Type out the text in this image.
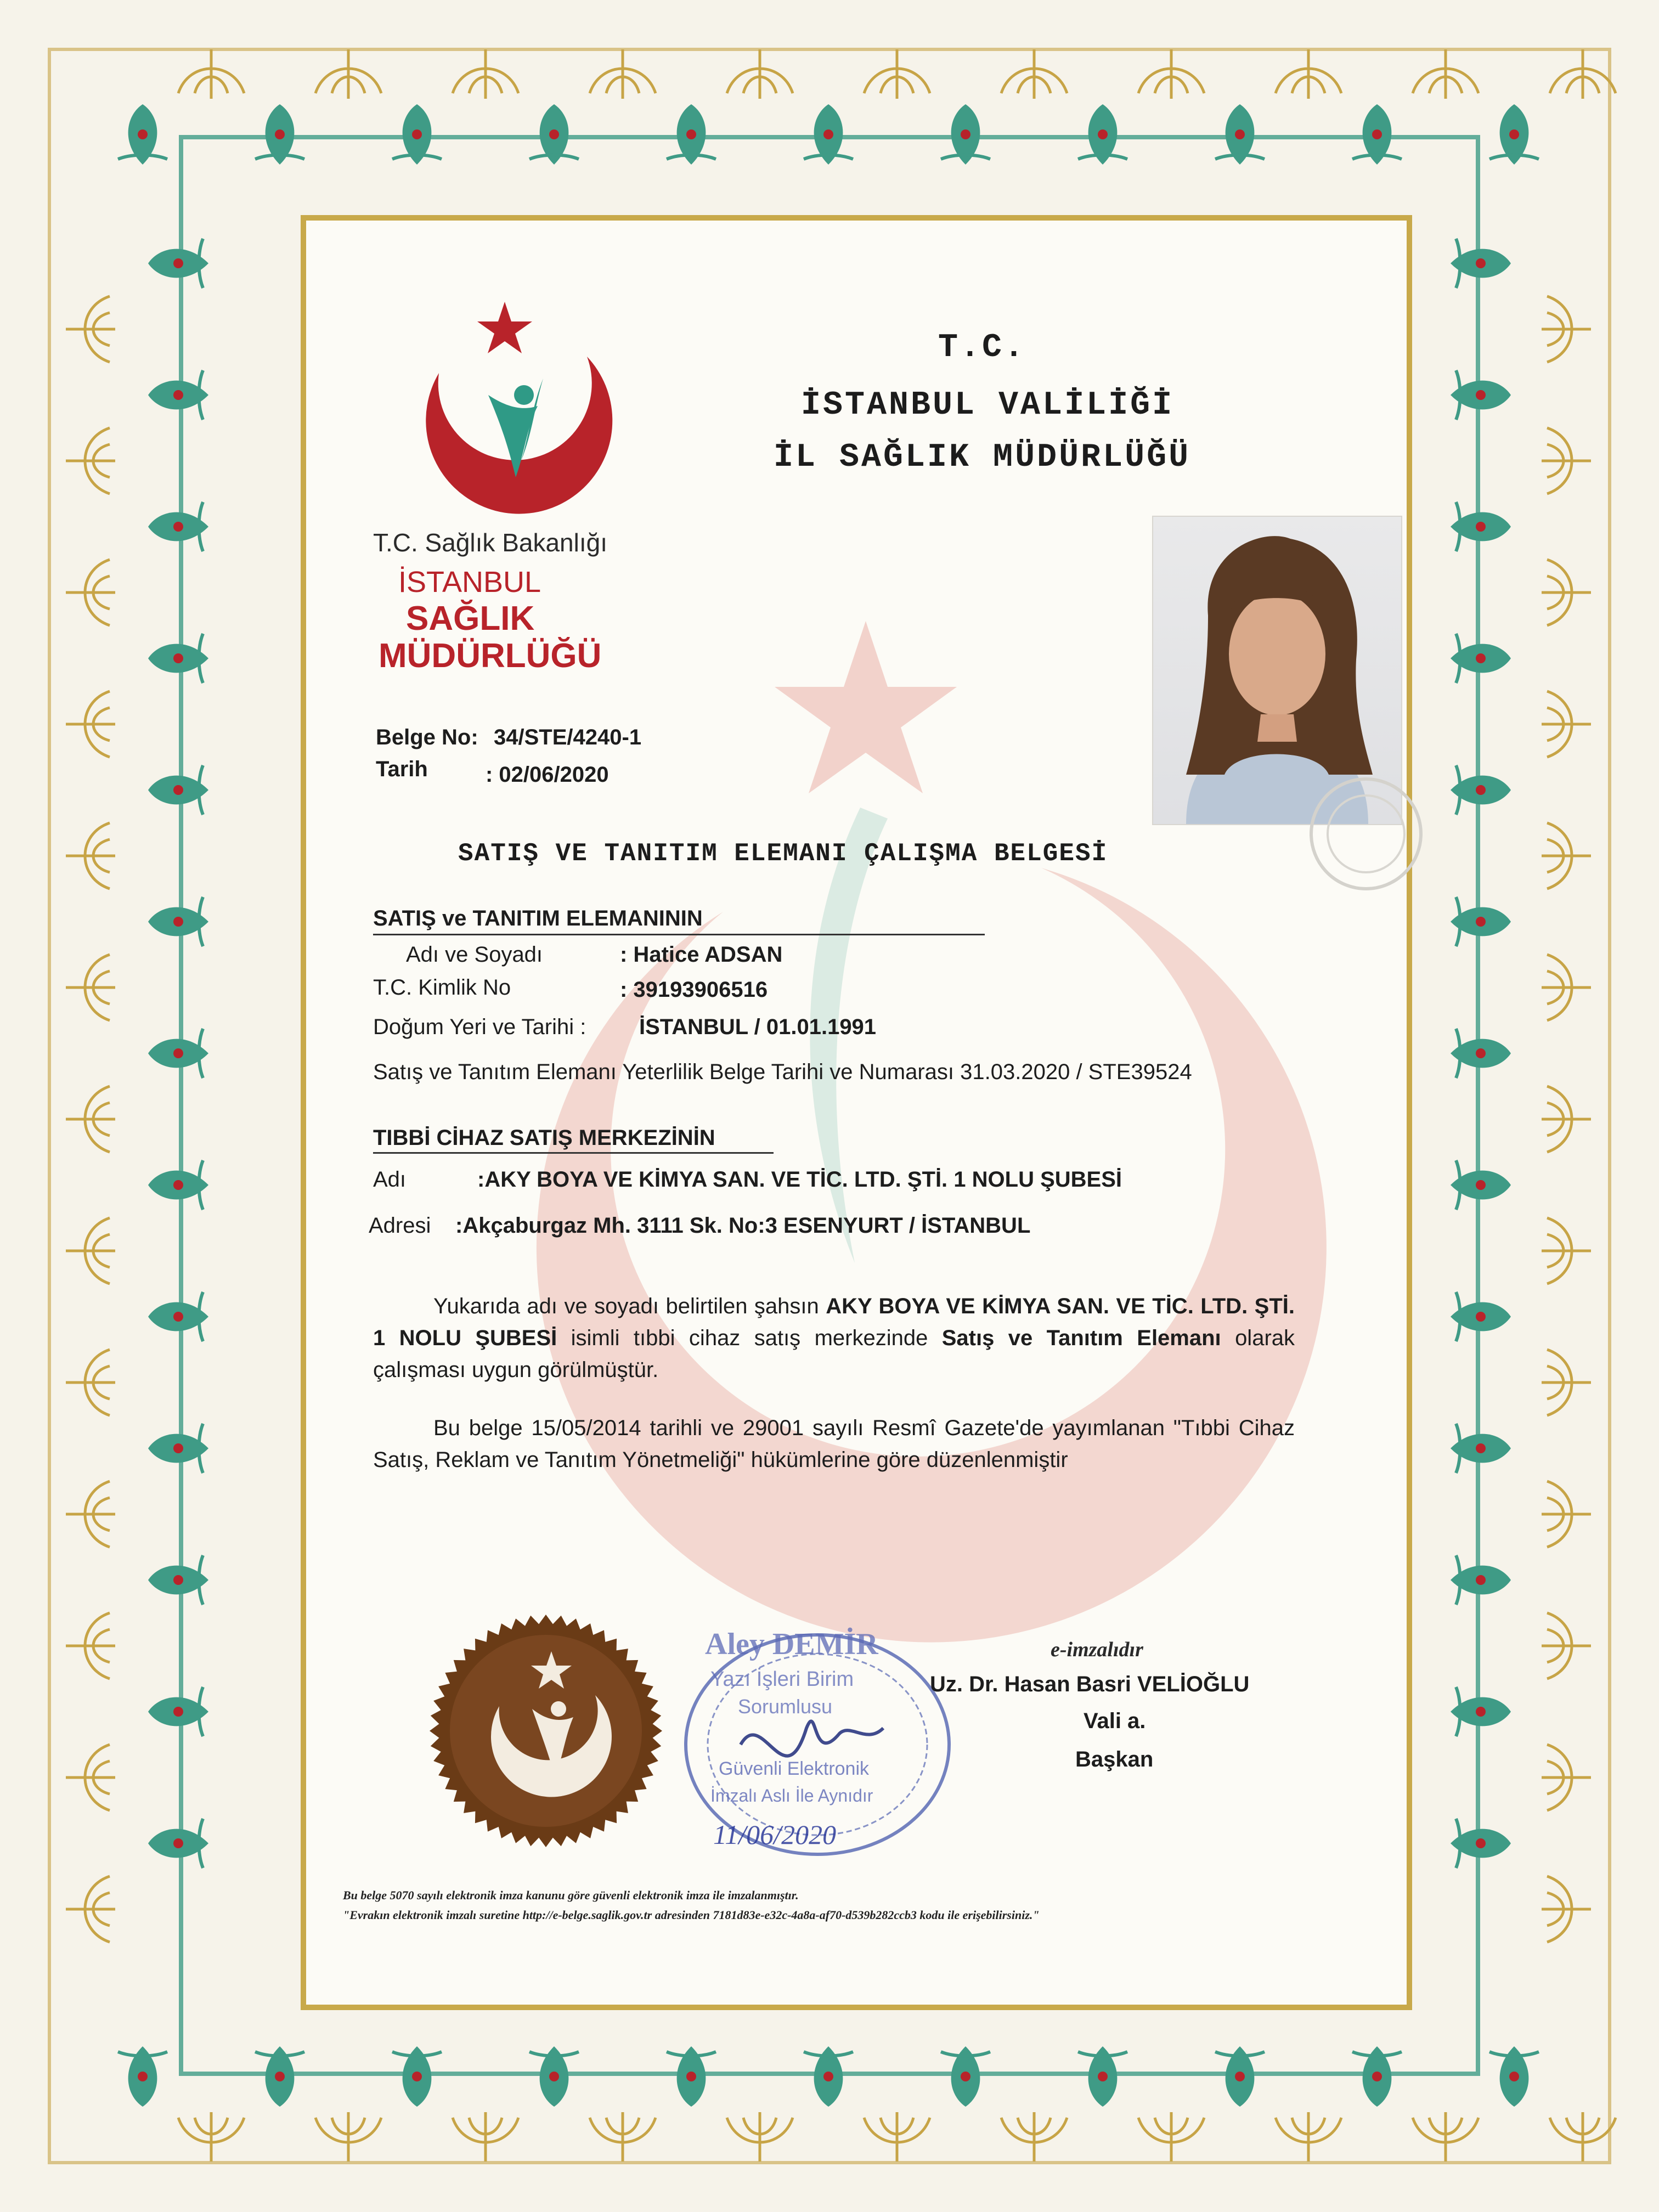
T.C. Sağlık Bakanlığı
İSTANBUL
SAĞLIK
MÜDÜRLÜĞÜ
T.C.
İSTANBUL VALİLİĞİ
İL SAĞLIK MÜDÜRLÜĞÜ
Belge No: 34/STE/4240-1
Tarih	: 02/06/2020
SATIŞ VE TANITIM ELEMANI ÇALIŞMA BELGESİ
SATIŞ ve TANITIM ELEMANININ
Adı ve Soyadı	: Hatice ADSAN
T.C. Kimlik No	: 39193906516
Doğum Yeri ve Tarihi : İSTANBUL / 01.01.1991
Satış ve Tanıtım Elemanı Yeterlilik Belge Tarihi ve Numarası 31.03.2020 / STE39524
TIBBİ CİHAZ SATIŞ MERKEZİNİN
Adı	:AKY BOYA VE KİMYA SAN. VE TİC. LTD. ŞTİ. 1 NOLU ŞUBESİ
Adresi :Akçaburgaz Mh. 3111 Sk. No:3 ESENYURT / İSTANBUL
Yukarıda adı ve soyadı belirtilen şahsın AKY BOYA VE KİMYA SAN. VE TİC. LTD. ŞTİ. 1 NOLU ŞUBESİ isimli tıbbi cihaz satış merkezinde Satış ve Tanıtım Elemanı olarak çalışması uygun görülmüştür.
Bu belge 15/05/2014 tarihli ve 29001 sayılı Resmî Gazete'de yayımlanan "Tıbbi Cihaz Satış, Reklam ve Tanıtım Yönetmeliği" hükümlerine göre düzenlenmiştir
Aley DEMİR
Yazı İşleri Birim
Sorumlusu
Güvenli Elektronik
İmzalı Aslı İle Aynıdır
11/06/2020
e-imzalıdır
Uz. Dr. Hasan Basri VELİOĞLU
Vali a.
Başkan
Bu belge 5070 sayılı elektronik imza kanunu göre güvenli elektronik imza ile imzalanmıştır.
"Evrakın elektronik imzalı suretine http://e-belge.saglik.gov.tr adresinden 7181d83e-e32c-4a8a-af70-d539b282ccb3 kodu ile erişebilirsiniz."
